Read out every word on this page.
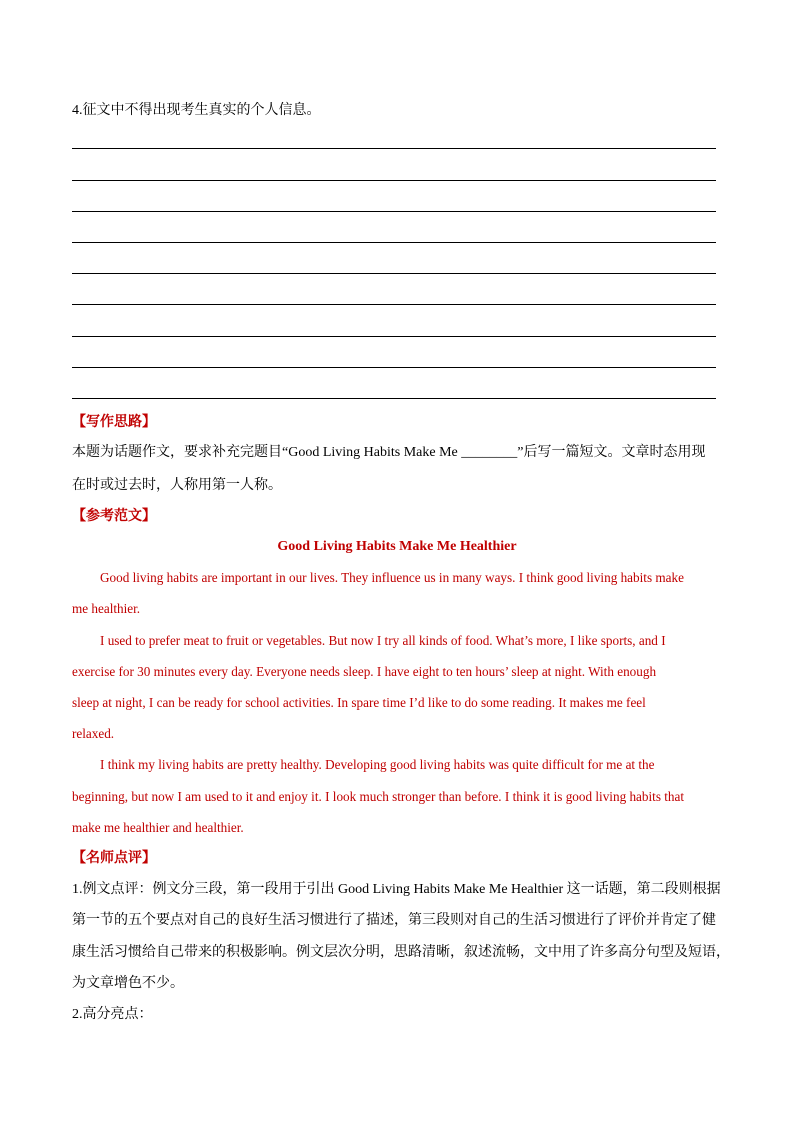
4.征文中不得出现考生真实的个人信息。
【写作思路】
本题为话题作文，要求补充完题目“Good Living Habits Make Me ________”后写一篇短文。文章时态用现
在时或过去时，人称用第一人称。
【参考范文】
Good Living Habits Make Me Healthier
Good living habits are important in our lives. They influence us in many ways. I think good living habits make
me healthier.
I used to prefer meat to fruit or vegetables. But now I try all kinds of food. What’s more, I like sports, and I
exercise for 30 minutes every day. Everyone needs sleep. I have eight to ten hours’ sleep at night. With enough
sleep at night, I can be ready for school activities. In spare time I’d like to do some reading. It makes me feel
relaxed.
I think my living habits are pretty healthy. Developing good living habits was quite difficult for me at the
beginning, but now I am used to it and enjoy it. I look much stronger than before. I think it is good living habits that
make me healthier and healthier.
【名师点评】
1.例文点评：例文分三段，第一段用于引出 Good Living Habits Make Me Healthier 这一话题，第二段则根据
第一节的五个要点对自己的良好生活习惯进行了描述，第三段则对自己的生活习惯进行了评价并肯定了健
康生活习惯给自己带来的积极影响。例文层次分明，思路清晰，叙述流畅，文中用了许多高分句型及短语，
为文章增色不少。
2.高分亮点：
